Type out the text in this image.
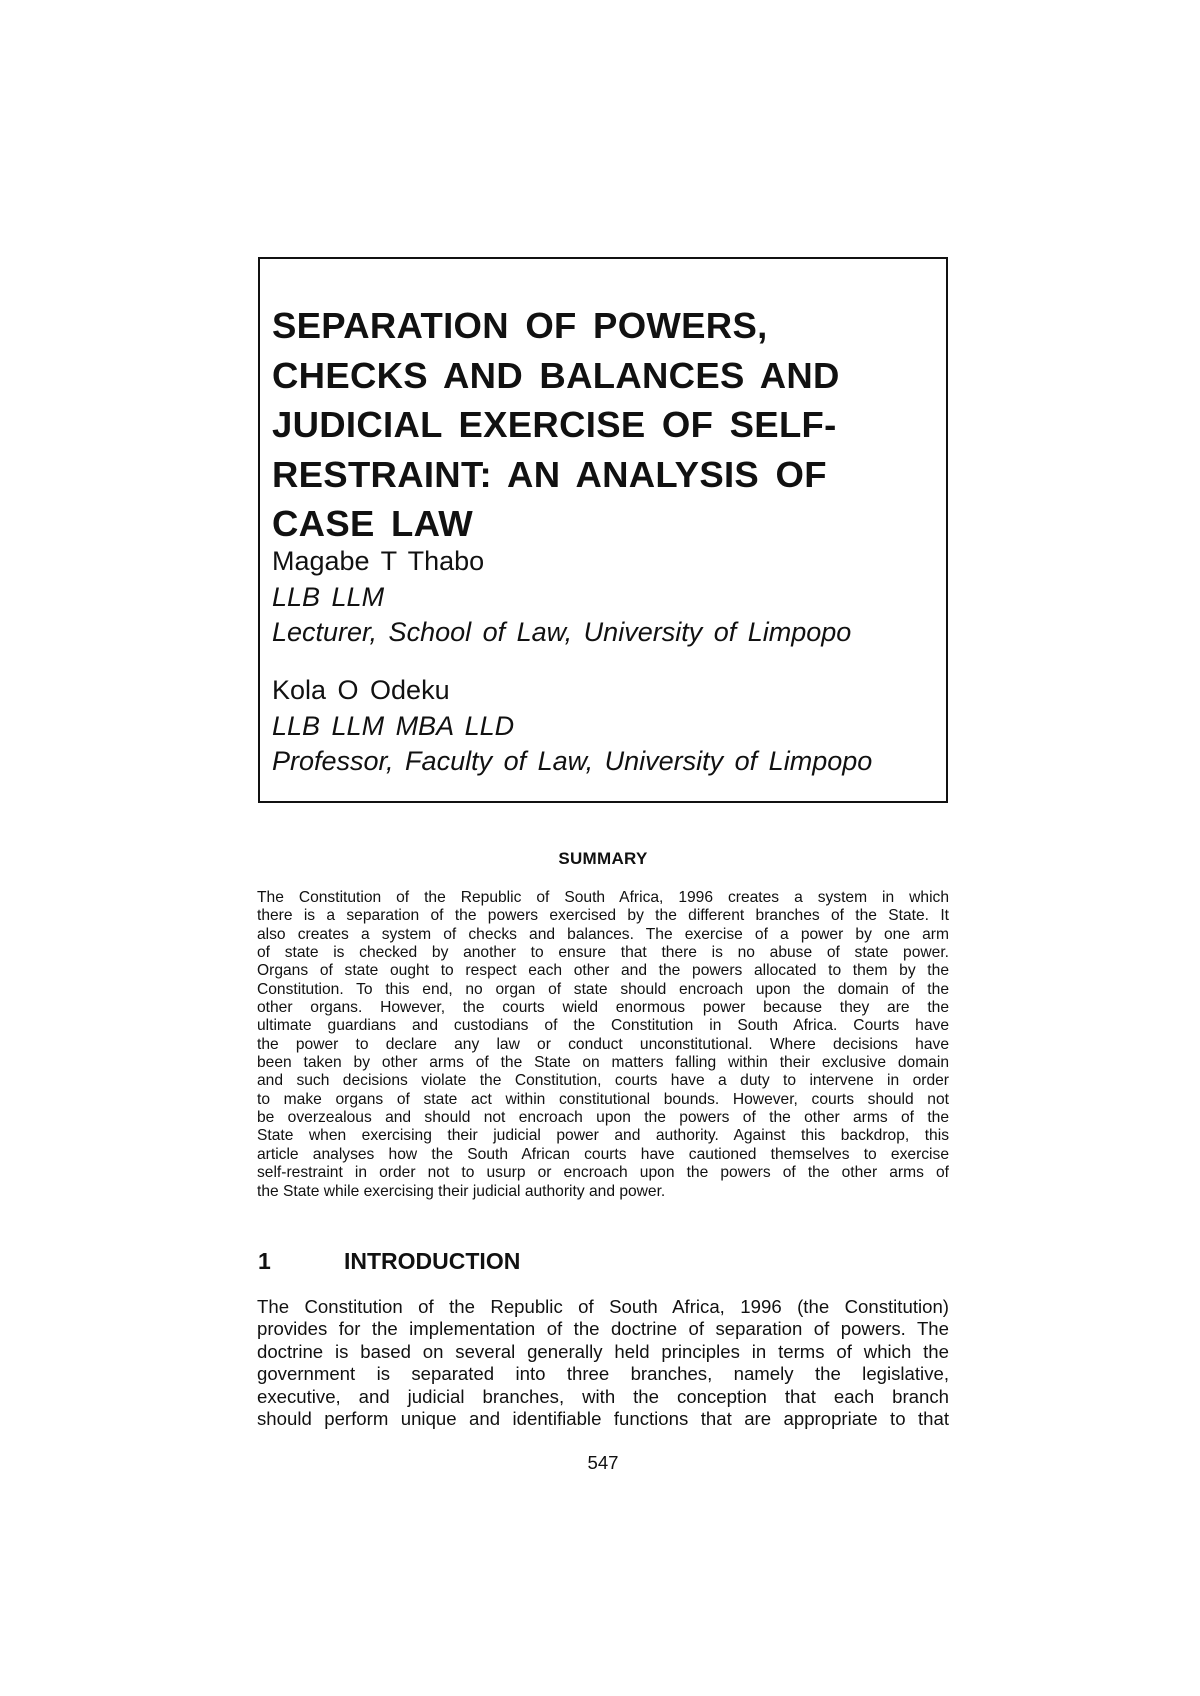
SEPARATION OF POWERS,
CHECKS AND BALANCES AND
JUDICIAL EXERCISE OF SELF-
RESTRAINT: AN ANALYSIS OF
CASE LAW
Magabe T Thabo
LLB LLM
Lecturer, School of Law, University of Limpopo
Kola O Odeku
LLB LLM MBA LLD
Professor, Faculty of Law, University of Limpopo
SUMMARY
The Constitution of the Republic of South Africa, 1996 creates a system in which
there is a separation of the powers exercised by the different branches of the State. It
also creates a system of checks and balances. The exercise of a power by one arm
of state is checked by another to ensure that there is no abuse of state power.
Organs of state ought to respect each other and the powers allocated to them by the
Constitution. To this end, no organ of state should encroach upon the domain of the
other organs. However, the courts wield enormous power because they are the
ultimate guardians and custodians of the Constitution in South Africa. Courts have
the power to declare any law or conduct unconstitutional. Where decisions have
been taken by other arms of the State on matters falling within their exclusive domain
and such decisions violate the Constitution, courts have a duty to intervene in order
to make organs of state act within constitutional bounds. However, courts should not
be overzealous and should not encroach upon the powers of the other arms of the
State when exercising their judicial power and authority. Against this backdrop, this
article analyses how the South African courts have cautioned themselves to exercise
self-restraint in order not to usurp or encroach upon the powers of the other arms of
the State while exercising their judicial authority and power.
1	INTRODUCTION
The Constitution of the Republic of South Africa, 1996 (the Constitution)
provides for the implementation of the doctrine of separation of powers. The
doctrine is based on several generally held principles in terms of which the
government is separated into three branches, namely the legislative,
executive, and judicial branches, with the conception that each branch
should perform unique and identifiable functions that are appropriate to that
547
